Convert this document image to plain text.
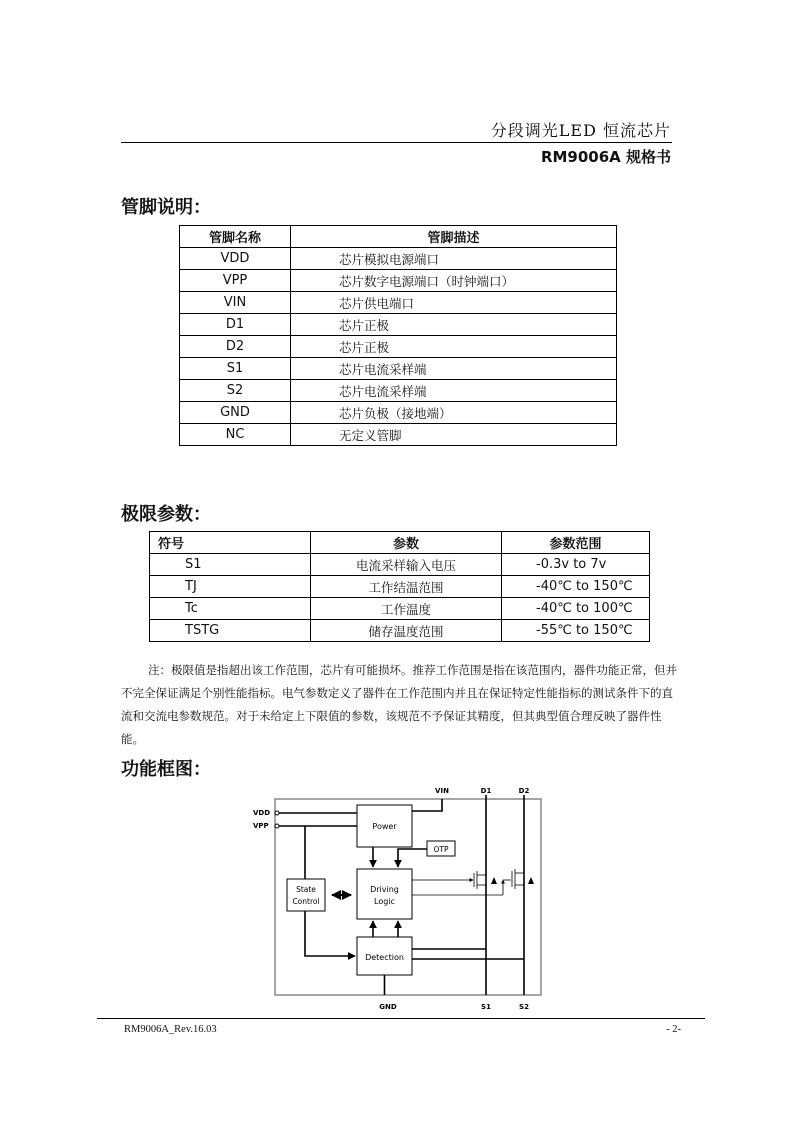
分段调光LED 恒流芯片
RM9006A 规格书
管脚说明：
管脚名称	管脚描述
VDD	芯片模拟电源端口
VPP	芯片数字电源端口（时钟端口）
VIN	芯片供电端口
D1	芯片正极
D2	芯片正极
S1	芯片电流采样端
S2	芯片电流采样端
GND	芯片负极（接地端）
NC	无定义管脚
极限参数：
符号	参数	参数范围
S1	电流采样输入电压	-0.3v to 7v
TJ	工作结温范围	-40℃ to 150℃
Tc	工作温度	-40℃ to 100℃
TSTG	储存温度范围	-55℃ to 150℃
注：极限值是指超出该工作范围，芯片有可能损坏。推荐工作范围是指在该范围内，器件功能正常，但并不完全保证满足个别性能指标。电气参数定义了器件在工作范围内并且在保证特定性能指标的测试条件下的直流和交流电参数规范。对于未给定上下限值的参数，该规范不予保证其精度，但其典型值合理反映了器件性能。
功能框图：
VIN	D1	D2
VDD
VPP	Power
OTP
State
Control
Driving
Logic
Detection
GND	S1	S2
RM9006A_Rev.16.03	- 2-
